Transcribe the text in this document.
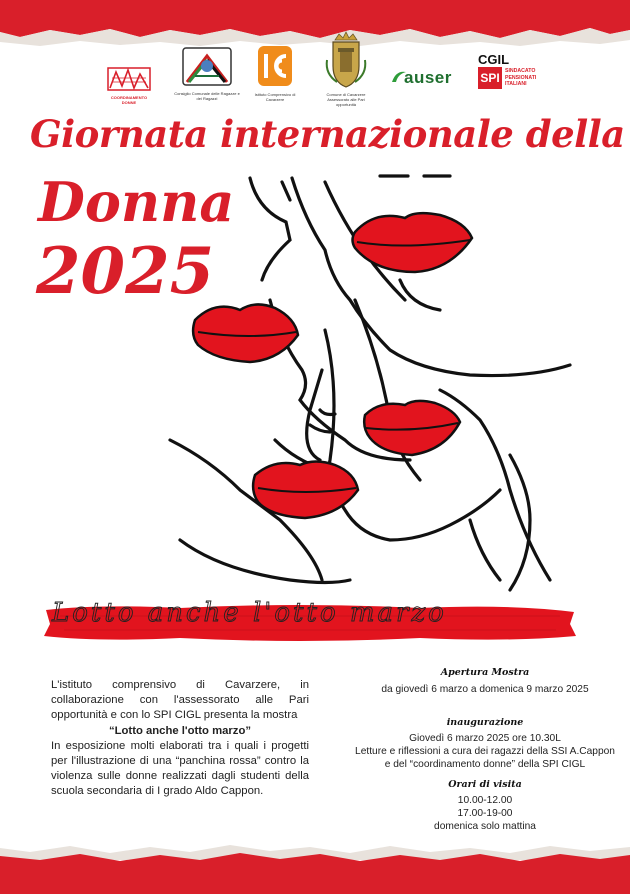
COORDINAMENTO DONNE
Consiglio Comunale delle Ragazze e dei Ragazzi
Istituto Comprensivo di Cavarzere
Comune di Cavarzere Assessorato alle Pari opportunità
auser
CGIL
SPI	SINDACATO PENSIONATI ITALIANI
Giornata internazionale della
Donna
2025
Lotto anche l'otto marzo
L'istituto comprensivo di Cavarzere, in collaborazione con l'assessorato alle Pari opportunità e con lo SPI CIGL presenta la mostra
“Lotto anche l'otto marzo”
In esposizione molti elaborati tra i quali i progetti per l'illustrazione di una “panchina rossa” contro la violenza sulle donne realizzati dagli studenti della scuola secondaria di I grado Aldo Cappon.
Apertura Mostra
da giovedì 6 marzo a domenica 9 marzo 2025
inaugurazione
Giovedì 6 marzo 2025 ore 10.30L
Letture e riflessioni a cura dei ragazzi della SSI A.Cappon
e del “coordinamento donne” della SPI CIGL
Orari di visita
10.00-12.00
17.00-19-00
domenica solo mattina
